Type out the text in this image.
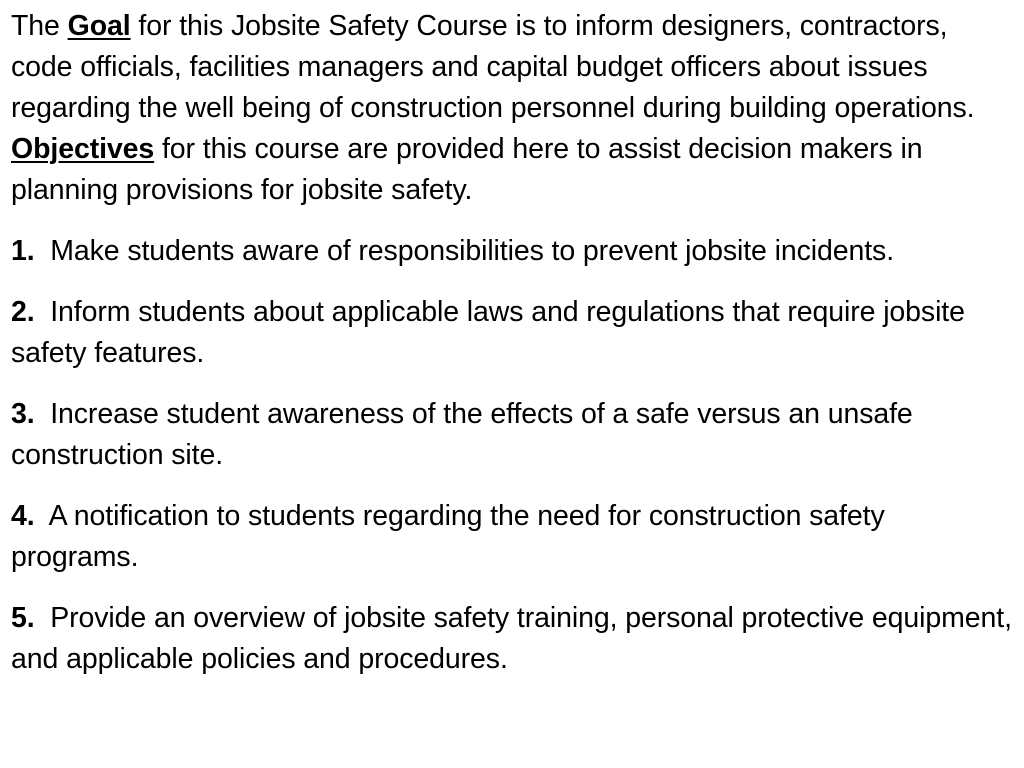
The Goal for this Jobsite Safety Course is to inform designers, contractors, code officials, facilities managers and capital budget officers about issues regarding the well being of construction personnel during building operations. Objectives for this course are provided here to assist decision makers in planning provisions for jobsite safety.

1.  Make students aware of responsibilities to prevent jobsite incidents.

2.  Inform students about applicable laws and regulations that require jobsite safety features.

3.  Increase student awareness of the effects of a safe versus an unsafe construction site.

4.  A notification to students regarding the need for construction safety programs.

5.  Provide an overview of jobsite safety training, personal protective equipment, and applicable policies and procedures.
